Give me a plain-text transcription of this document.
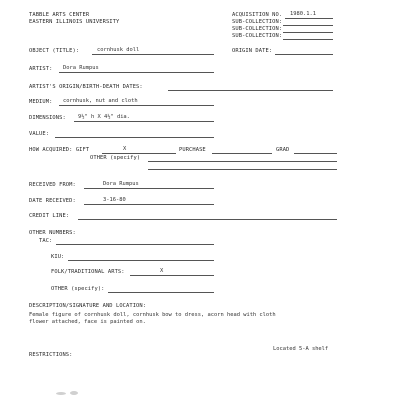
TABBLE ARTS CENTER
EASTERN ILLINOIS UNIVERSITY
ACQUISITION NO. 1980.1.1
SUB-COLLECTION:
SUB-COLLECTION:
SUB-COLLECTION:
OBJECT (TITLE):	cornhusk doll	ORIGIN DATE:
ARTIST: Dora Rumpus
ARTIST'S ORIGIN/BIRTH-DEATH DATES:
MEDIUM: cornhusk, nut and cloth
DIMENSIONS: 9½" h X 4½" dia.
VALUE:
HOW ACQUIRED: GIFT	X	PURCHASE	GRAD
OTHER (specify)
RECEIVED FROM:	Dora Rumpus
DATE RECEIVED:	3-16-80
CREDIT LINE:
OTHER NUMBERS:
TAC:
KIU:
FOLK/TRADITIONAL ARTS:	X
OTHER (specify):
DESCRIPTION/SIGNATURE AND LOCATION:
Female figure of cornhusk doll, cornhusk bow to dress, acorn head with cloth
flower attached, face is painted on.
Located 5-A shelf
RESTRICTIONS:
